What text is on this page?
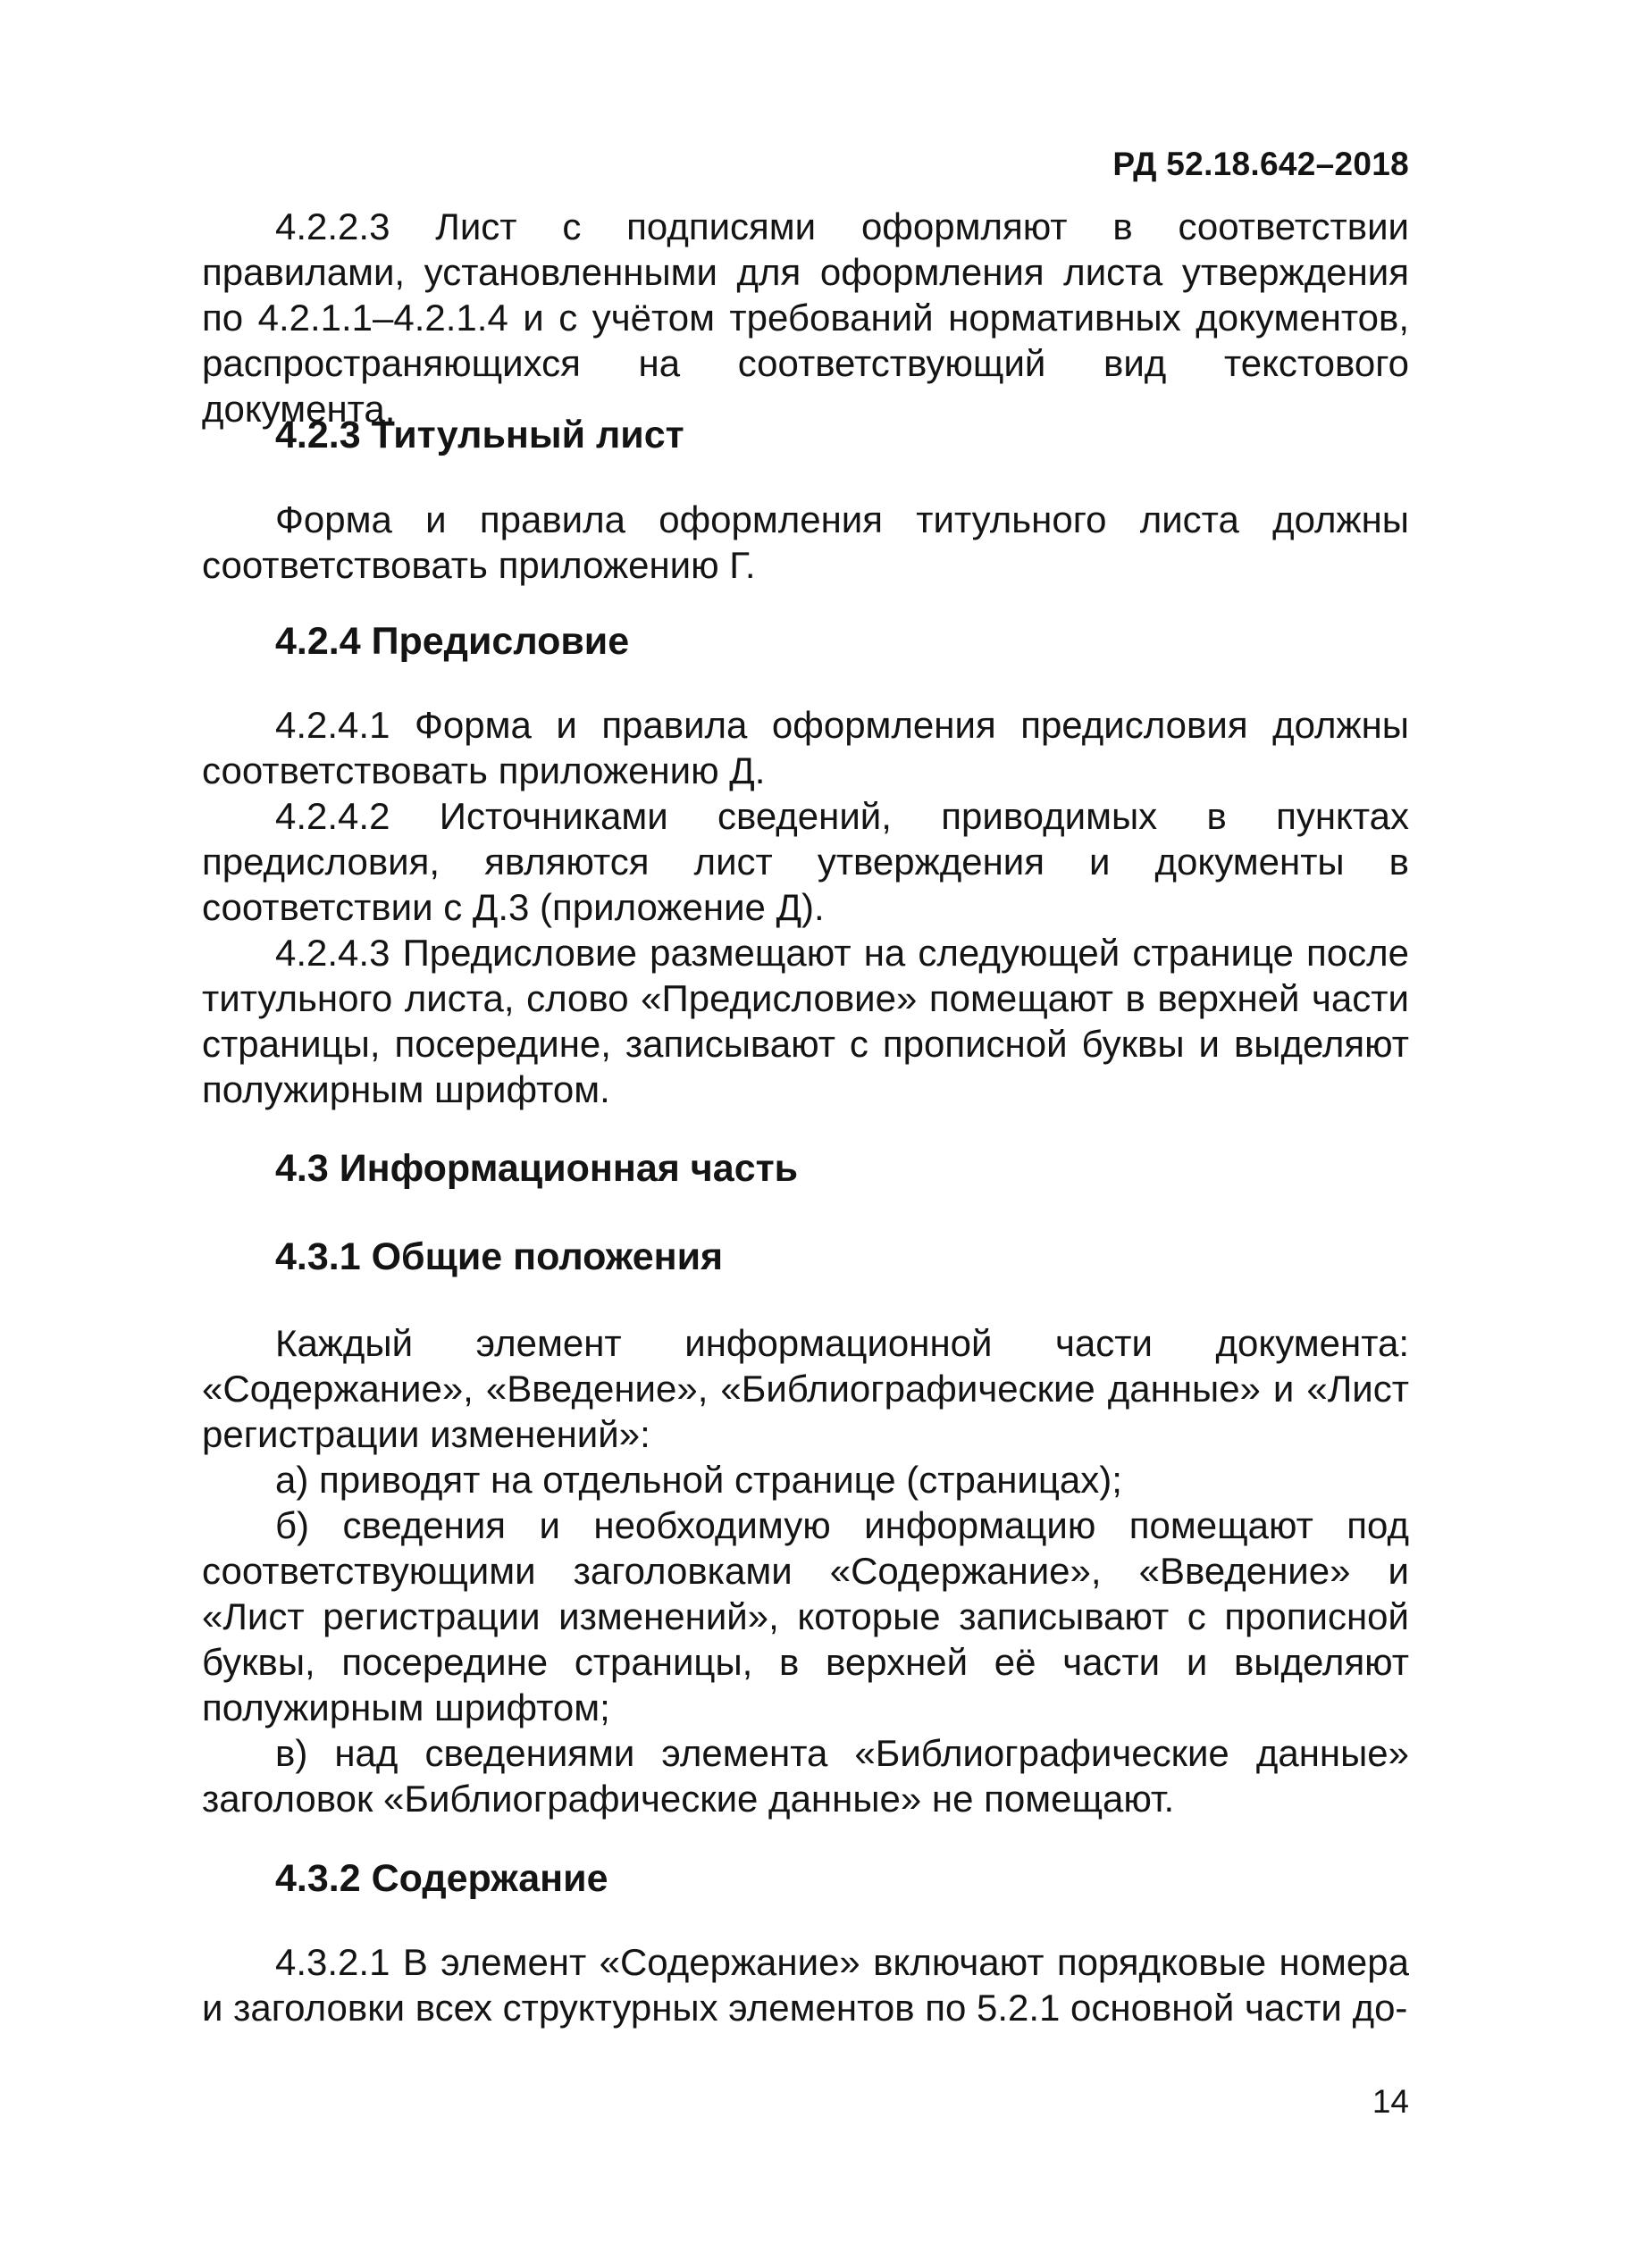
РД 52.18.642–2018

4.2.2.3 Лист с подписями оформляют в соответствии правилами, установленными для оформления листа утверждения по 4.2.1.1–4.2.1.4 и с учётом требований нормативных документов, распространяющихся на соответствующий вид текстового документа.

4.2.3 Титульный лист

Форма и правила оформления титульного листа должны соответствовать приложению Г.

4.2.4 Предисловие

4.2.4.1 Форма и правила оформления предисловия должны соответствовать приложению Д.

4.2.4.2 Источниками сведений, приводимых в пунктах предисловия, являются лист утверждения и документы в соответствии с Д.3 (приложение Д).

4.2.4.3 Предисловие размещают на следующей странице после титульного листа, слово «Предисловие» помещают в верхней части страницы, посередине, записывают с прописной буквы и выделяют полужирным шрифтом.

4.3 Информационная часть
4.3.1 Общие положения

Каждый элемент информационной части документа: «Содержание», «Введение», «Библиографические данные» и «Лист регистрации изменений»:

а) приводят на отдельной странице (страницах);

б) сведения и необходимую информацию помещают под соответствующими заголовками «Содержание», «Введение» и «Лист регистрации изменений», которые записывают с прописной буквы, посередине страницы, в верхней её части и выделяют полужирным шрифтом;

в) над сведениями элемента «Библиографические данные» заголовок «Библиографические данные» не помещают.

4.3.2 Содержание

4.3.2.1 В элемент «Содержание» включают порядковые номера и заголовки всех структурных элементов по 5.2.1 основной части до-

14
